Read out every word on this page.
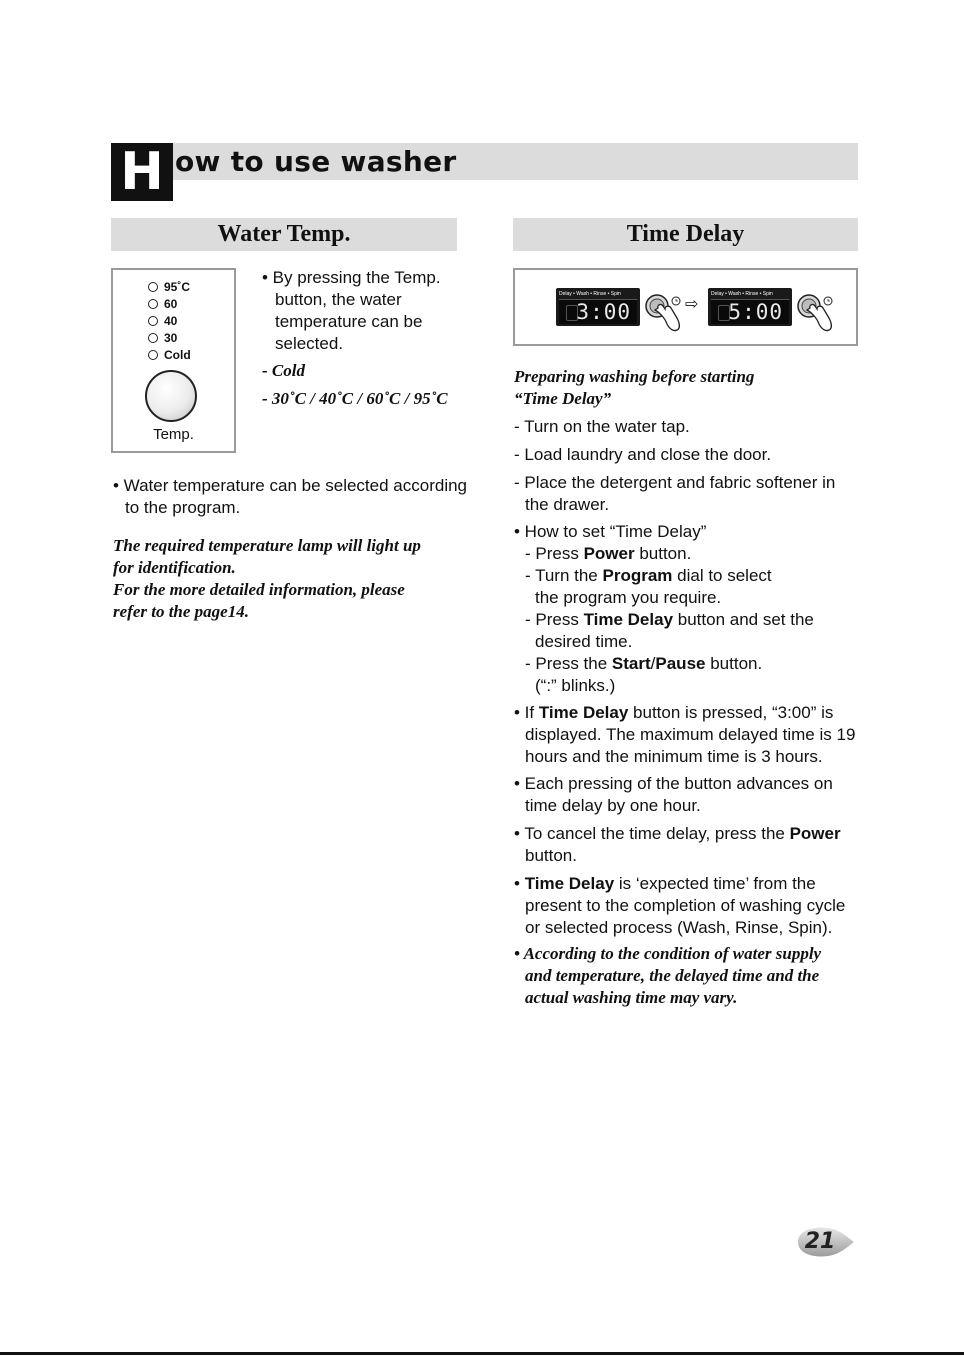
H ow to use washer
Water Temp.	Time Delay
95˚C
60
40
30
Cold
Temp.
• By pressing the Temp.
button, the water
temperature can be
selected.
- Cold
- 30˚C / 40˚C / 60˚C / 95˚C
• Water temperature can be selected according to the program.
The required temperature lamp will light up
for identification.
For the more detailed information, please
refer to the page14.
Delay • Wash • Rinse • Spin
3:00	⇨
Delay • Wash • Rinse • Spin
5:00
Preparing washing before starting
“Time Delay”
- Turn on the water tap.
- Load laundry and close the door.
- Place the detergent and fabric softener in the drawer.
• How to set “Time Delay”
- Press Power button.
- Turn the Program dial to select the program you require.
- Press Time Delay button and set the desired time.
- Press the Start/Pause button.
(“:” blinks.)
• If Time Delay button is pressed, “3:00” is displayed. The maximum delayed time is 19 hours and the minimum time is 3 hours.
• Each pressing of the button advances on time delay by one hour.
• To cancel the time delay, press the Power button.
• Time Delay is ‘expected time’ from the present to the completion of washing cycle or selected process (Wash, Rinse, Spin).
• According to the condition of water supply and temperature, the delayed time and the actual washing time may vary.
21
